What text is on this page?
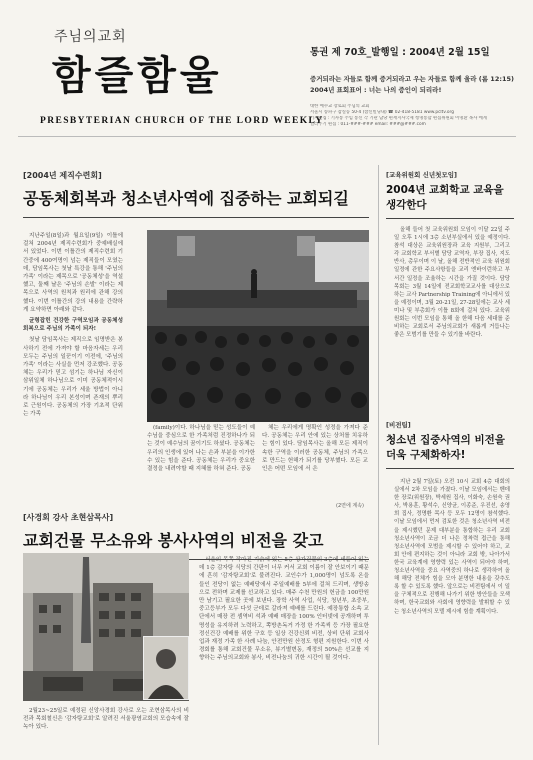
주님의교회
함즐함울
PRESBYTERIAN CHURCH OF THE LORD WEEKLY
통권 제 70호_발행일 : 2004년 2월 15일
증거되라는 자들로 함께 증거되라고 우는 자들로 함께 울라 (롬 12:15)
2004년 표회표어 : 너는 나의 증인이 되리라!
대한 예수교 장로회 주님의 교회
서울시 송파구 잠실동 50-4 (참신빌딩내) ☎ 02-418-5181 www.pcltv.org
기자편집 : 기자통 주임 통신 각 기관 담당 편재지사국제 청명통합 편집위원회 이명환 목사 에게
일러두기 편집 : 011-###-### email: ###@###.com
[2004년 제직수련회]
공동체회복과 청소년사역에 집중하는 교회되길

지난주일(8일)과 월요일(9일) 이틀에 걸쳐 2004년 제직수련회가 중예배실에서 있었다. 이번 이틀간의 제직수련회 기간중에 400여명이 넘는 제직들이 모였는데, 담임목사는 첫날 특강을 통해 '주님의 가족' 이라는 제목으로 '공동체성'을 역설했고, 둘째 날은 '주님의 손발' 이라는 제목으로 사역의 원칙과 원리에 관해 강의했다. 이번 이틀간의 강의 내용을 간략하게 요약하면 아래와 같다.

균형잡힌 건강한 구역모임과 공동체성 회복으로 주님의 가족이 되자!

첫날 담임목사는 제직으로 임명받은 봉사하기 전에 가져야 할 마음자세는 우리 모두는 주님의 일꾼이기 이전에, '주님의 가족' 이라는 사실을 먼저 강조했다. 공동체는 우리가 믿고 섬기는 하나님 자신이 삼위일체 하나님으로 이미 공동체적이시기에 공동체는 우리가 세울 방법이 아니라 하나님이 우리 본성이며 존재의 뿌리로 근원이다. 공동체의 가장 기초적 단위는 가족

(family)이다. 하나님을 믿는 성도들이 예수님을 중심으로 한 가족처럼 진정하나가 되는 것이 예수님의 꿈이기도 하셨다. 공동체는 우리의 인생에 있어 나는 손과 부분을 이가한 수 있는 힘을 준다. 공동체는 우리가 중요한 결정을 내려야할 때 지혜를 하혀 준다. 공동

체는 우리에게 명확인 성정을 가져다 준다. 공동체는 우리 안에 있는 상처를 치유하는 힘이 있다. 담임목사는 올해 모든 제직이 속한 구역을 이러한 공동체, 주님의 가족으로 만드는 헌해가 되기를 당부했다. 모든 교인은 어떤 모임에 서 은

(2면에 계속)
[사경회 강사 초현삼목사]
교회건물 무소유와 봉사사역의 비전을 갖고

2월23~25일로 예정된 신앙사경회 강사로 오는 조현삼목사의 비전과 목회철신은 '감자탕교회'로 알려진 서울광염교회의 모습속에 잘 녹아 있다.

서울의 목쪽 작아진 기슭에 있는 5층 상가건물의 3층에 세들어 있는데 1층 감자탕 식당의 간판이 너무 커서 교회 이름이 잘 안보이기 때문에 흔히 '감자탕교회'로 불려진다. 교인수가 1,000명이 넘도록 온을 들인 전당이 없는 예배당에서 주일예배를 5부에 걸쳐 드리며, 생방송으로 전하며 교제를 선교하고 있다. 매주 수천 만원의 헌금을 100만원만 남기고 필요한 곳에 보낸다. 장학 사역 사업, 식당, 청년부, 초중부, 중고등부가 모두 다섯 군데로 갈라져 예배를 드린다. 예장통합 소속 교단에서 매장 전 셈역비 석과 예배 매장을 100% 인터넷에 공개하며 투명성을 유지하려 노력하고, 쪽방촌독거 가정 한 가족씩 등 가장 필요한 정신건강 예배를 위한 구호 등 일상 건강신뢰 비전, 상비 단위 교회사업과 재정 가족 한 사례 나눔, 안전만원 산정도 형편 지원한다. 이번 사경회를 통해 교회건물 무소유, 뷰기별변동, 재정의 50%손 선교를 지향하는 주님의교회와 봉사, 비전나눔의 귀한 시간이 될 것이다.

[교육위원회 신년첫모임]
2004년 교회학교 교육을 생각한다

올해 들어 첫 교육위원회 모임이 이달 22일 주일 오후 1시에 3층 소년부실에서 있을 예정이다. 참석 대상은 교육위원장과 교육 지원부, 그리고 각 교회학교 부서별 담당 교역자, 부장 집사, 지도 반사, 총무이며 이 날, 올해 전반적인 교육 위원회 일정에 관한 주요사항들을 교리 엔바이런하고 부서간 일정을 조율하는 시간을 가질 것이다. 담당 목회는 3월 14일에 전교회학교교사를 대상으로 하는 교사 Partnership Training에 아니에서 있을 예정이며, 3월 20-21일, 27-28일에는 교사 세미나 및 부총회가 이틀 8회에 걸쳐 있다. 교육위원회는 이번 모임을 통해 올 한해 다음 세대를 준비하는 교회로서 주님의교회가 새롭게 거듭나는 좋은 모범기를 만들 수 있기를 바란다.

[비전팀]
청소년 집중사역의 비전을 더욱 구체화하자!

지난 2월 7일(토) 오전 10시 교회 4층 대회의실에서 2차 모임을 가졌다. 이날 모임에서는 벤데한 장로(위원장), 박세원 집사, 이화숙, 손원숙 권사, 박용훈, 황석수, 신양균, 이종준, 우진선, 송영희 집사, 정명환 목사 등 모두 12명이 참석했다. 이날 모임에서 먼저 검토한 것은 청소년사역 비전을 제시했던 문제 대부분을 통합하는 우리 교회 청소년사역이 조금 더 나은 정착력 접근을 통해 청소년사역에 모범을 제시할 수 있어야 하고, 교회 안에 편지하는 것이 아니라 교회 밖, 나아가서 한국 교육계에 영향력 있는 사역이 되어야 하며, 청소년사역을 중요 사역중의 하나로 생각하여 올해 해당 전체가 힘을 모아 분명한 내용을 갖추도록 할 수 있도록 했다. 앞으로는 비전팀에서 이 일을 구체적으로 진행해 나가기 위한 방안들을 모색하며, 한국교회와 사회에 영향력을 발휘할 수 있는 청소년사역의 모델 제시에 힘쓸 계획이다.
